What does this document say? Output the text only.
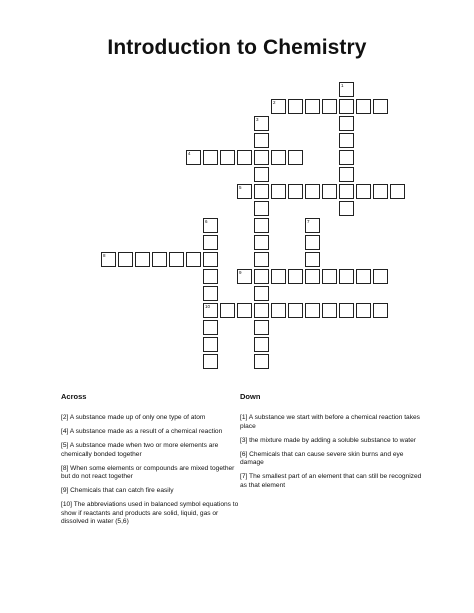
Introduction to Chemistry
1
2
3
4
5
6	7
8
9
10
Across
[2] A substance made up of only one type of atom
[4] A substance made as a result of a chemical reaction
[5] A substance made when two or more elements are chemically bonded together
[8] When some elements or compounds are mixed together but do not react together
[9] Chemicals that can catch fire easily
[10] The abbreviations used in balanced symbol equations to show if reactants and products are solid, liquid, gas or dissolved in water (5,6)
Down
[1] A substance we start with before a chemical reaction takes place
[3] the mixture made by adding a soluble substance to water
[6] Chemicals that can cause severe skin burns and eye damage
[7] The smallest part of an element that can still be recognized as that element
